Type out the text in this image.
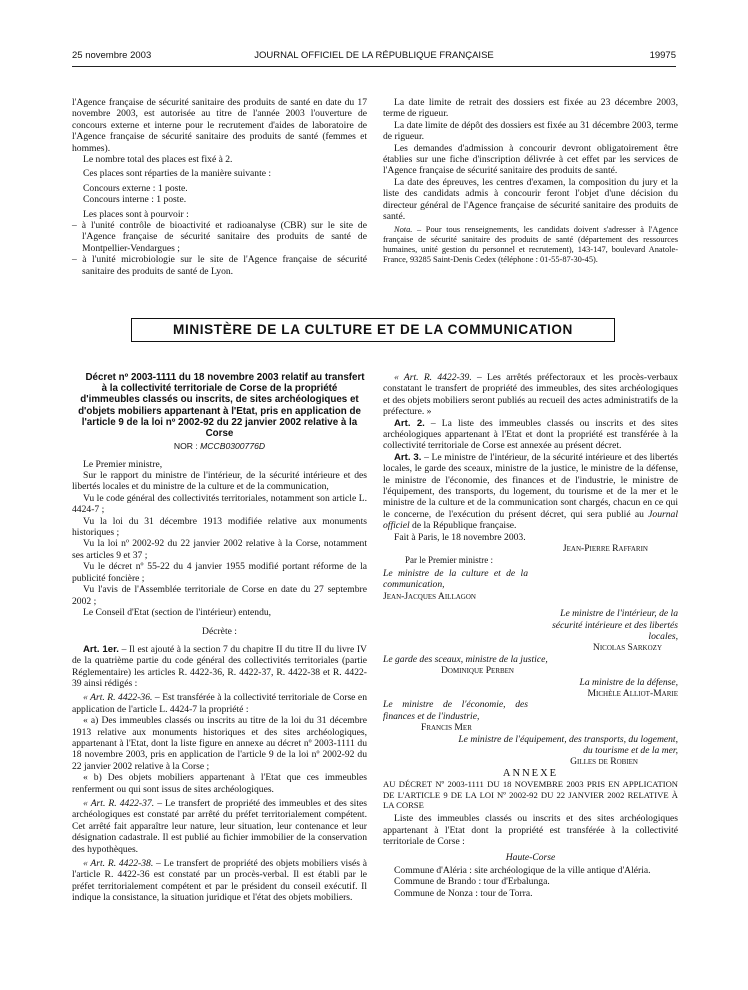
25 novembre 2003	JOURNAL OFFICIEL DE LA RÉPUBLIQUE FRANÇAISE	19975

l'Agence française de sécurité sanitaire des produits de santé en date du 17 novembre 2003, est autorisée au titre de l'année 2003 l'ouverture de concours externe et interne pour le recrutement d'aides de laboratoire de l'Agence française de sécurité sanitaire des produits de santé (femmes et hommes).

Le nombre total des places est fixé à 2.

Ces places sont réparties de la manière suivante :

Concours externe : 1 poste.

Concours interne : 1 poste.

Les places sont à pourvoir :

– à l'unité contrôle de bioactivité et radioanalyse (CBR) sur le site de l'Agence française de sécurité sanitaire des produits de santé de Montpellier-Vendargues ;

– à l'unité microbiologie sur le site de l'Agence française de sécurité sanitaire des produits de santé de Lyon.

La date limite de retrait des dossiers est fixée au 23 décembre 2003, terme de rigueur.

La date limite de dépôt des dossiers est fixée au 31 décembre 2003, terme de rigueur.

Les demandes d'admission à concourir devront obligatoirement être établies sur une fiche d'inscription délivrée à cet effet par les services de l'Agence française de sécurité sanitaire des produits de santé.

La date des épreuves, les centres d'examen, la composition du jury et la liste des candidats admis à concourir feront l'objet d'une décision du directeur général de l'Agence française de sécurité sanitaire des produits de santé.

Nota. – Pour tous renseignements, les candidats doivent s'adresser à l'Agence française de sécurité sanitaire des produits de santé (département des ressources humaines, unité gestion du personnel et recrutement), 143-147, boulevard Anatole-France, 93285 Saint-Denis Cedex (téléphone : 01-55-87-30-45).

MINISTÈRE DE LA CULTURE ET DE LA COMMUNICATION

Décret nº 2003-1111 du 18 novembre 2003 relatif au transfert à la collectivité territoriale de Corse de la propriété d'immeubles classés ou inscrits, de sites archéologiques et d'objets mobiliers appartenant à l'Etat, pris en application de l'article 9 de la loi nº 2002-92 du 22 janvier 2002 relative à la Corse

NOR : MCCB0300776D

Le Premier ministre,

Sur le rapport du ministre de l'intérieur, de la sécurité intérieure et des libertés locales et du ministre de la culture et de la communication,

Vu le code général des collectivités territoriales, notamment son article L. 4424-7 ;

Vu la loi du 31 décembre 1913 modifiée relative aux monuments historiques ;

Vu la loi nº 2002-92 du 22 janvier 2002 relative à la Corse, notamment ses articles 9 et 37 ;

Vu le décret nº 55-22 du 4 janvier 1955 modifié portant réforme de la publicité foncière ;

Vu l'avis de l'Assemblée territoriale de Corse en date du 27 septembre 2002 ;

Le Conseil d'Etat (section de l'intérieur) entendu,

Décrète :

Art. 1er. – Il est ajouté à la section 7 du chapitre II du titre II du livre IV de la quatrième partie du code général des collectivités territoriales (partie Réglementaire) les articles R. 4422-36, R. 4422-37, R. 4422-38 et R. 4422-39 ainsi rédigés :

« Art. R. 4422-36. – Est transférée à la collectivité territoriale de Corse en application de l'article L. 4424-7 la propriété :

« a) Des immeubles classés ou inscrits au titre de la loi du 31 décembre 1913 relative aux monuments historiques et des sites archéologiques, appartenant à l'Etat, dont la liste figure en annexe au décret nº 2003-1111 du 18 novembre 2003, pris en application de l'article 9 de la loi nº 2002-92 du 22 janvier 2002 relative à la Corse ;

« b) Des objets mobiliers appartenant à l'Etat que ces immeubles renferment ou qui sont issus de sites archéologiques.

« Art. R. 4422-37. – Le transfert de propriété des immeubles et des sites archéologiques est constaté par arrêté du préfet territorialement compétent. Cet arrêté fait apparaître leur nature, leur situation, leur contenance et leur désignation cadastrale. Il est publié au fichier immobilier de la conservation des hypothèques.

« Art. R. 4422-38. – Le transfert de propriété des objets mobiliers visés à l'article R. 4422-36 est constaté par un procès-verbal. Il est établi par le préfet territorialement compétent et par le président du conseil exécutif. Il indique la consistance, la situation juridique et l'état des objets mobiliers.

« Art. R. 4422-39. – Les arrêtés préfectoraux et les procès-verbaux constatant le transfert de propriété des immeubles, des sites archéologiques et des objets mobiliers seront publiés au recueil des actes administratifs de la préfecture. »

Art. 2. – La liste des immeubles classés ou inscrits et des sites archéologiques appartenant à l'Etat et dont la propriété est transférée à la collectivité territoriale de Corse est annexée au présent décret.

Art. 3. – Le ministre de l'intérieur, de la sécurité intérieure et des libertés locales, le garde des sceaux, ministre de la justice, le ministre de la défense, le ministre de l'économie, des finances et de l'industrie, le ministre de l'équipement, des transports, du logement, du tourisme et de la mer et le ministre de la culture et de la communication sont chargés, chacun en ce qui le concerne, de l'exécution du présent décret, qui sera publié au Journal officiel de la République française.

Fait à Paris, le 18 novembre 2003.

Jean-Pierre Raffarin

Par le Premier ministre :

Le ministre de la culture et de la communication,

Jean-Jacques Aillagon

Le ministre de l'intérieur, de la sécurité intérieure et des libertés locales,

Nicolas Sarkozy

Le garde des sceaux, ministre de la justice,

Dominique Perben

La ministre de la défense,

Michèle Alliot-Marie

Le ministre de l'économie, des finances et de l'industrie,

Francis Mer

Le ministre de l'équipement, des transports, du logement, du tourisme et de la mer,

Gilles de Robien

ANNEXE

AU DÉCRET Nº 2003-1111 DU 18 NOVEMBRE 2003 PRIS EN APPLICATION DE L'ARTICLE 9 DE LA LOI Nº 2002-92 DU 22 JANVIER 2002 RELATIVE À LA CORSE

Liste des immeubles classés ou inscrits et des sites archéologiques appartenant à l'Etat dont la propriété est transférée à la collectivité territoriale de Corse :

Haute-Corse

Commune d'Aléria : site archéologique de la ville antique d'Aléria.

Commune de Brando : tour d'Erbalunga.

Commune de Nonza : tour de Torra.
